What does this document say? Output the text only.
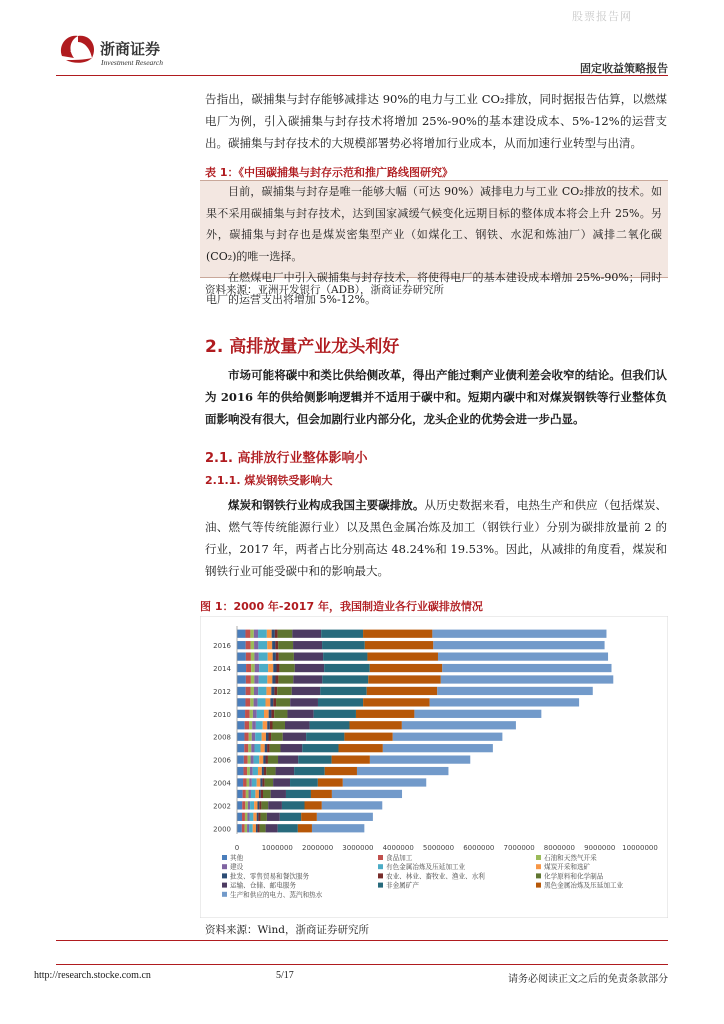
股票报告网
浙商证券
Investment Research	固定收益策略报告
告指出，碳捕集与封存能够减排达 90%的电力与工业 CO₂排放，同时据报告估算，以燃煤电厂为例，引入碳捕集与封存技术将增加 25%-90%的基本建设成本、5%-12%的运营支出。碳捕集与封存技术的大规模部署势必将增加行业成本，从而加速行业转型与出清。
表 1：《中国碳捕集与封存示范和推广路线图研究》

目前，碳捕集与封存是唯一能够大幅（可达 90%）减排电力与工业 CO₂排放的技术。如果不采用碳捕集与封存技术，达到国家减缓气候变化远期目标的整体成本将会上升 25%。另外，碳捕集与封存也是煤炭密集型产业（如煤化工、钢铁、水泥和炼油厂）减排二氧化碳(CO₂)的唯一选择。

在燃煤电厂中引入碳捕集与封存技术，将使得电厂的基本建设成本增加 25%-90%；同时电厂的运营支出将增加 5%-12%。

资料来源：亚洲开发银行（ADB），浙商证券研究所
2. 高排放量产业龙头利好
市场可能将碳中和类比供给侧改革，得出产能过剩产业债利差会收窄的结论。但我们认为 2016 年的供给侧影响逻辑并不适用于碳中和。短期内碳中和对煤炭钢铁等行业整体负面影响没有很大，但会加剧行业内部分化，龙头企业的优势会进一步凸显。
2.1. 高排放行业整体影响小
2.1.1. 煤炭钢铁受影响大
煤炭和钢铁行业构成我国主要碳排放。从历史数据来看，电热生产和供应（包括煤炭、油、燃气等传统能源行业）以及黑色金属冶炼及加工（钢铁行业）分别为碳排放量前 2 的行业，2017 年，两者占比分别高达 48.24%和 19.53%。因此，从减排的角度看，煤炭和钢铁行业可能受碳中和的影响最大。
图 1：2000 年-2017 年，我国制造业各行业碳排放情况
2000
2002
2004
2006
2008
2010
2012
2014
2016
0	1000000 2000000 3000000 4000000 5000000 6000000 7000000 8000000 9000000 10000000
其他	食品加工	石油和天然气开采
建设	有色金属冶炼及压延加工业	煤炭开采和选矿
批发、零售贸易和餐饮服务	农业、林业、畜牧业、渔业、水利	化学原料和化学制品
运输、仓储、邮电服务	非金属矿产	黑色金属冶炼及压延加工业
生产和供应的电力、蒸汽和热水
资料来源：Wind，浙商证券研究所
http://research.stocke.com.cn	5/17	请务必阅读正文之后的免责条款部分
